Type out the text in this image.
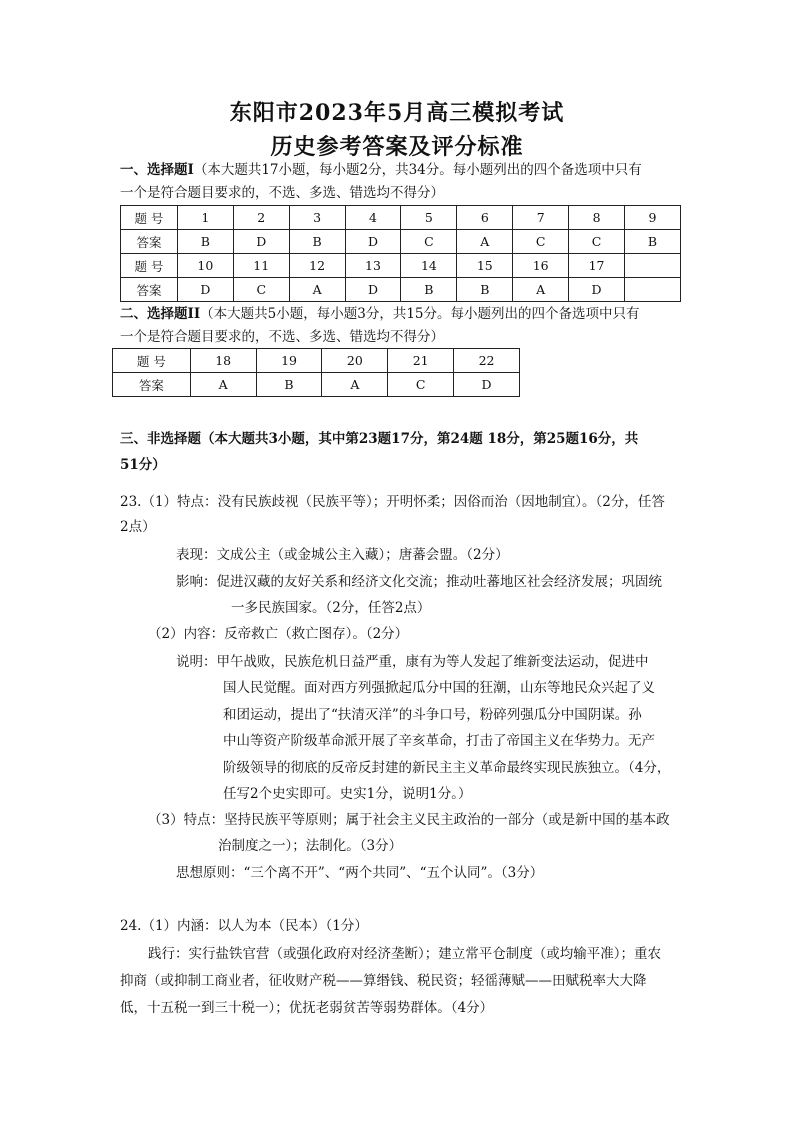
东阳市2023年5月高三模拟考试
历史参考答案及评分标准
一、选择题Ⅰ（本大题共17小题，每小题2分，共34分。每小题列出的四个备选项中只有
一个是符合题目要求的，不选、多选、错选均不得分）
题 号	1	2	3	4	5	6	7	8	9
答案	B	D	B	D	C	A	C	C	B
题 号	10	11	12	13	14	15	16	17	
答案	D	C	A	D	B	B	A	D	
二、选择题II（本大题共5小题，每小题3分，共15分。每小题列出的四个备选项中只有
一个是符合题目要求的，不选、多选、错选均不得分）
题 号	18	19	20	21	22
答案	A	B	A	C	D
三、非选择题（本大题共3小题，其中第23题17分，第24题 18分，第25题16分，共
51分）
23.（1）特点：没有民族歧视（民族平等）；开明怀柔；因俗而治（因地制宜）。（2分，任答
2点）
表现：文成公主（或金城公主入藏）；唐蕃会盟。（2分）
影响：促进汉藏的友好关系和经济文化交流；推动吐蕃地区社会经济发展；巩固统
一多民族国家。（2分，任答2点）
（2）内容：反帝救亡（救亡图存）。（2分）
说明：甲午战败，民族危机日益严重，康有为等人发起了维新变法运动，促进中
国人民觉醒。面对西方列强掀起瓜分中国的狂潮，山东等地民众兴起了义
和团运动，提出了“扶清灭洋”的斗争口号，粉碎列强瓜分中国阴谋。孙
中山等资产阶级革命派开展了辛亥革命，打击了帝国主义在华势力。无产
阶级领导的彻底的反帝反封建的新民主主义革命最终实现民族独立。（4分，
任写2个史实即可。史实1分，说明1分。）
（3）特点：坚持民族平等原则；属于社会主义民主政治的一部分（或是新中国的基本政
治制度之一）；法制化。（3分）
思想原则：“三个离不开”、“两个共同”、“五个认同”。（3分）
24.（1）内涵：以人为本（民本）（1分）
践行：实行盐铁官营（或强化政府对经济垄断）；建立常平仓制度（或均输平准）；重农
抑商（或抑制工商业者，征收财产税——算缗钱、税民资；轻徭薄赋——田赋税率大大降
低，十五税一到三十税一）；优抚老弱贫苦等弱势群体。（4分）
